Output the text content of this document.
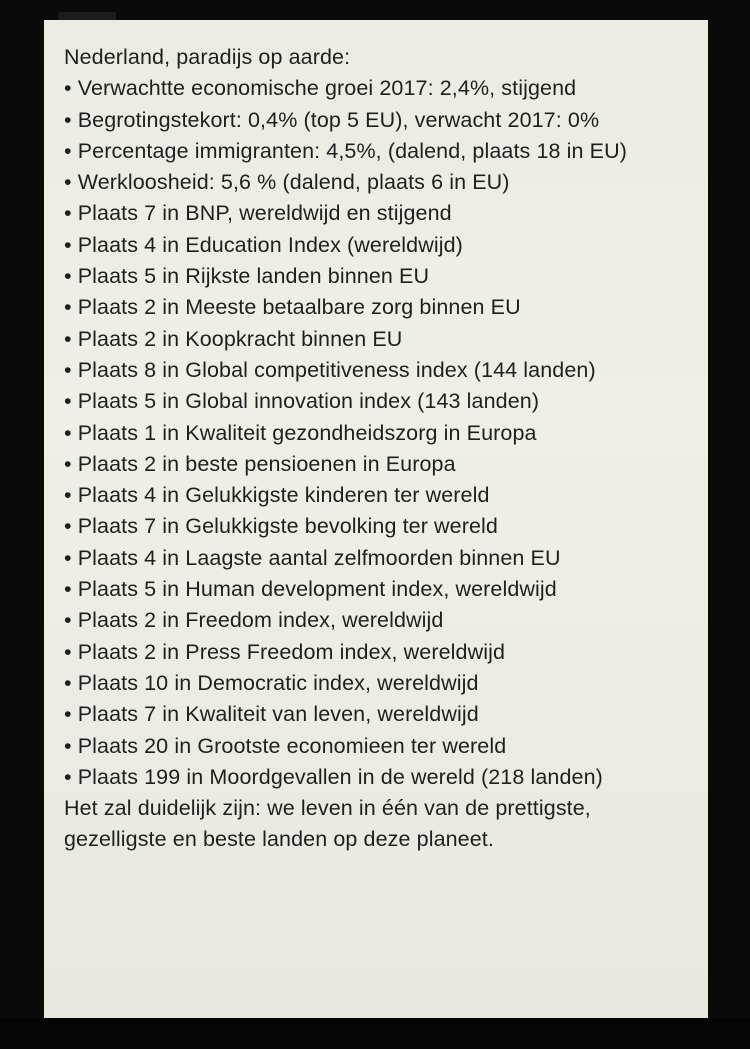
Nederland, paradijs op aarde:

• Verwachtte economische groei 2017: 2,4%, stijgend

• Begrotingstekort: 0,4% (top 5 EU), verwacht 2017: 0%

• Percentage immigranten: 4,5%, (dalend, plaats 18 in EU)

• Werkloosheid: 5,6 % (dalend, plaats 6 in EU)

• Plaats 7 in BNP, wereldwijd en stijgend

• Plaats 4 in Education Index (wereldwijd)

• Plaats 5 in Rijkste landen binnen EU

• Plaats 2 in Meeste betaalbare zorg binnen EU

• Plaats 2 in Koopkracht binnen EU

• Plaats 8 in Global competitiveness index (144 landen)

• Plaats 5 in Global innovation index (143 landen)

• Plaats 1 in Kwaliteit gezondheidszorg in Europa

• Plaats 2 in beste pensioenen in Europa

• Plaats 4 in Gelukkigste kinderen ter wereld

• Plaats 7 in Gelukkigste bevolking ter wereld

• Plaats 4 in Laagste aantal zelfmoorden binnen EU

• Plaats 5 in Human development index, wereldwijd

• Plaats 2 in Freedom index, wereldwijd

• Plaats 2 in Press Freedom index, wereldwijd

• Plaats 10 in Democratic index, wereldwijd

• Plaats 7 in Kwaliteit van leven, wereldwijd

• Plaats 20 in Grootste economieen ter wereld

• Plaats 199 in Moordgevallen in de wereld (218 landen)

Het zal duidelijk zijn: we leven in één van de prettigste, gezelligste en beste landen op deze planeet.
